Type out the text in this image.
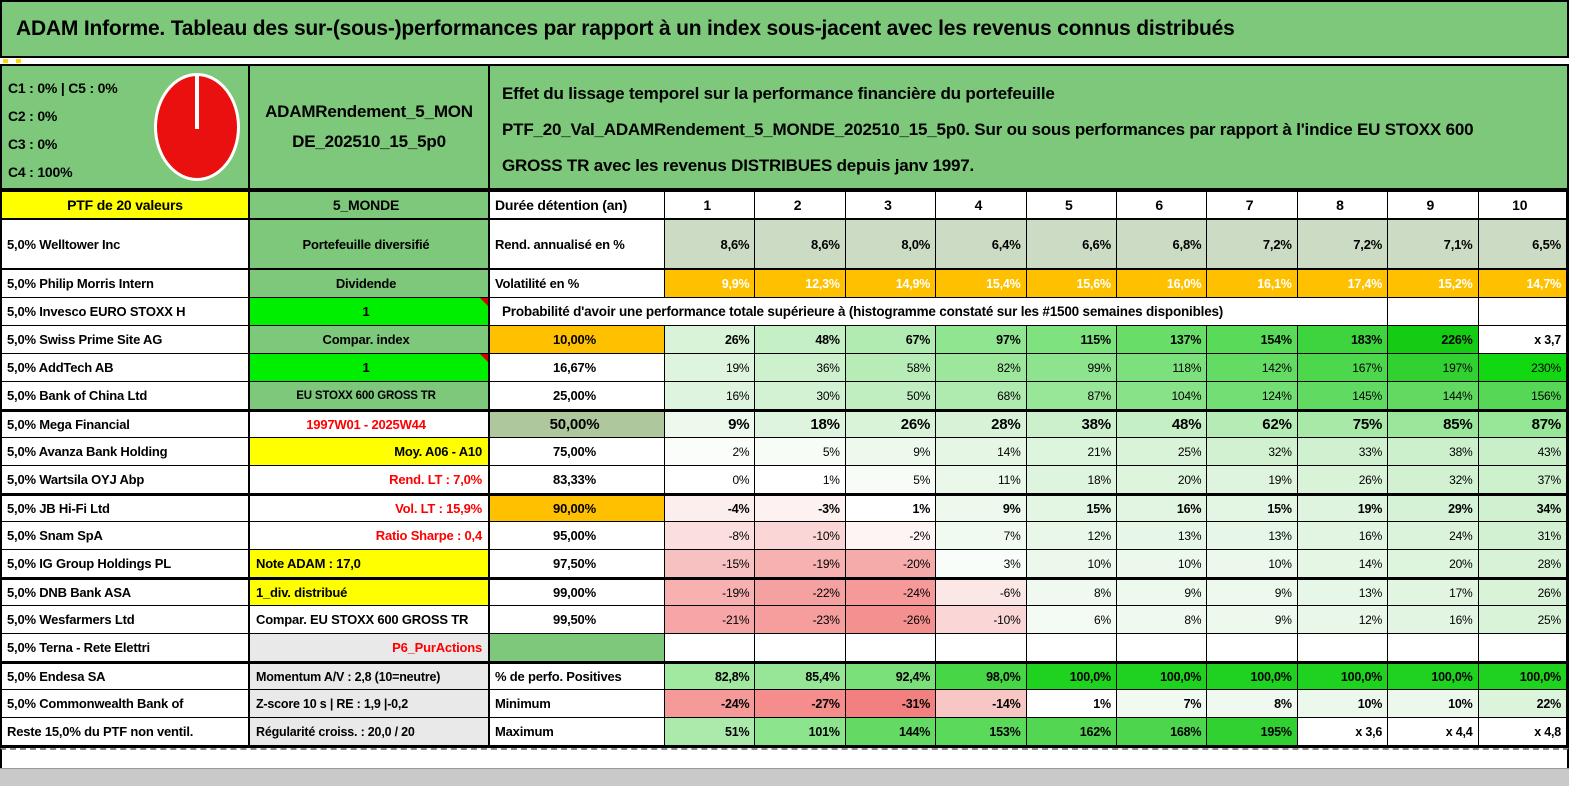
ADAM Informe. Tableau des sur-(sous-)performances par rapport à un index sous-jacent avec les revenus connus distribués
C1 : 0% | C5 : 0%
C2 : 0%
C3 : 0%
C4 : 100%
ADAMRendement_5_MON
DE_202510_15_5p0
Effet du lissage temporel sur la performance financière du portefeuille
PTF_20_Val_ADAMRendement_5_MONDE_202510_15_5p0. Sur ou sous performances par rapport à l'indice EU STOXX 600
GROSS TR avec les revenus DISTRIBUES depuis janv 1997.
PTF de 20 valeurs	5_MONDE	Durée détention (an)	1	2	3	4	5	6	7	8	9	10
5,0% Welltower Inc	Portefeuille diversifié	Rend. annualisé en %	8,6%	8,6%	8,0%	6,4%	6,6%	6,8%	7,2%	7,2%	7,1%	6,5%
5,0% Philip Morris Intern	Dividende	Volatilité en %	9,9%	12,3%	14,9%	15,4%	15,6%	16,0%	16,1%	17,4%	15,2%	14,7%
5,0% Invesco EURO STOXX H	1	Probabilité d'avoir une performance totale supérieure à (histogramme constaté sur les #1500 semaines disponibles)
5,0% Swiss Prime Site AG	Compar. index	10,00%	26%	48%	67%	97%	115%	137%	154%	183%	226%	x 3,7
5,0% AddTech AB	1	16,67%	19%	36%	58%	82%	99%	118%	142%	167%	197%	230%
5,0% Bank of China Ltd	EU STOXX 600 GROSS TR	25,00%	16%	30%	50%	68%	87%	104%	124%	145%	144%	156%
5,0% Mega Financial	1997W01 - 2025W44	50,00%	9%	18%	26%	28%	38%	48%	62%	75%	85%	87%
5,0% Avanza Bank Holding	Moy. A06 - A10	75,00%	2%	5%	9%	14%	21%	25%	32%	33%	38%	43%
5,0% Wartsila OYJ Abp	Rend. LT : 7,0%	83,33%	0%	1%	5%	11%	18%	20%	19%	26%	32%	37%
5,0% JB Hi-Fi Ltd	Vol. LT : 15,9%	90,00%	-4%	-3%	1%	9%	15%	16%	15%	19%	29%	34%
5,0% Snam SpA	Ratio Sharpe : 0,4	95,00%	-8%	-10%	-2%	7%	12%	13%	13%	16%	24%	31%
5,0% IG Group Holdings PL	Note ADAM : 17,0	97,50%	-15%	-19%	-20%	3%	10%	10%	10%	14%	20%	28%
5,0% DNB Bank ASA	1_div. distribué	99,00%	-19%	-22%	-24%	-6%	8%	9%	9%	13%	17%	26%
5,0% Wesfarmers Ltd	Compar. EU STOXX 600 GROSS TR	99,50%	-21%	-23%	-26%	-10%	6%	8%	9%	12%	16%	25%
5,0% Terna - Rete Elettri	P6_PurActions
5,0% Endesa SA	Momentum A/V : 2,8 (10=neutre)	% de perfo. Positives	82,8%	85,4%	92,4%	98,0%	100,0%	100,0%	100,0%	100,0%	100,0%	100,0%
5,0% Commonwealth Bank of	Z-score 10 s | RE : 1,9 |-0,2	Minimum	-24%	-27%	-31%	-14%	1%	7%	8%	10%	10%	22%
Reste 15,0% du PTF non ventil.	Régularité croiss. : 20,0 / 20	Maximum	51%	101%	144%	153%	162%	168%	195%	x 3,6	x 4,4	x 4,8
